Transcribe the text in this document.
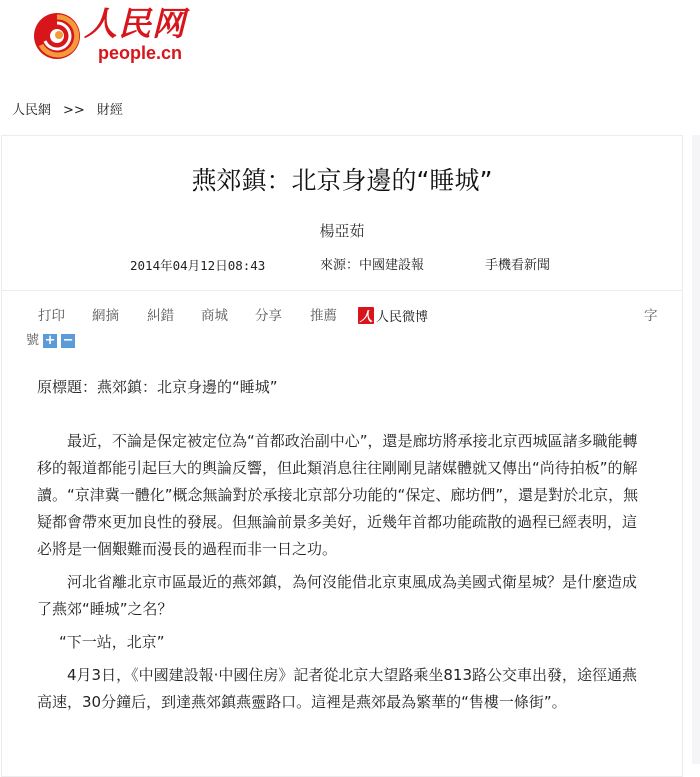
人民网
people.cn
人民網 >> 財經
燕郊鎮：北京身邊的“睡城”
楊亞茹
2014年04月12日08:43	來源：中國建設報	手機看新聞
打印 網摘 糾錯 商城 分享 推薦 人 人民微博	字
號 + −

原標題：燕郊鎮：北京身邊的“睡城”

最近，不論是保定被定位為“首都政治副中心”，還是廊坊將承接北京西城區諸多職能轉移的報道都能引起巨大的輿論反響，但此類消息往往剛剛見諸媒體就又傳出“尚待拍板”的解讀。“京津冀一體化”概念無論對於承接北京部分功能的“保定、廊坊們”，還是對於北京，無疑都會帶來更加良性的發展。但無論前景多美好，近幾年首都功能疏散的過程已經表明，這必將是一個艱難而漫長的過程而非一日之功。

河北省離北京市區最近的燕郊鎮，為何沒能借北京東風成為美國式衛星城？是什麼造成了燕郊“睡城”之名？

“下一站，北京”

4月3日，《中國建設報·中國住房》記者從北京大望路乘坐813路公交車出發，途徑通燕高速，30分鐘后，到達燕郊鎮燕靈路口。這裡是燕郊最為繁華的“售樓一條街”。
